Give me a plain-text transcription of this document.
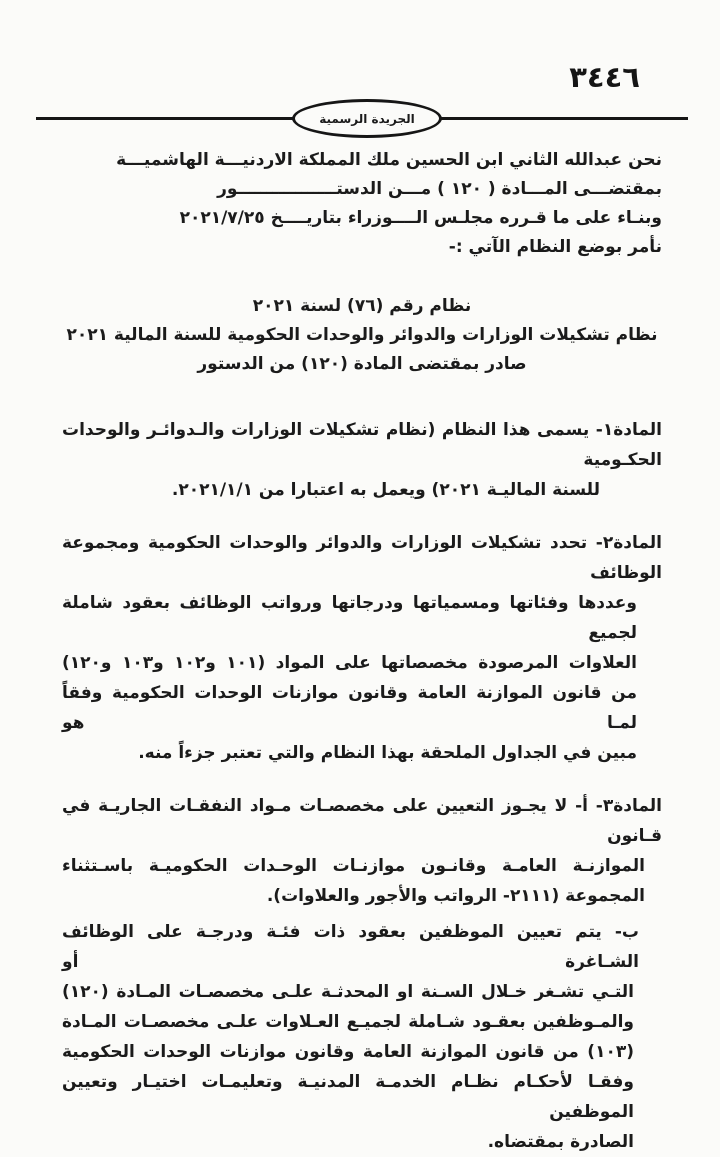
٣٤٤٦
الجريدة الرسمية
نحن عبدالله الثاني ابن الحسين ملك المملكة الاردنيـــة الهاشميـــة
بمقتضـــى المـــادة ( ١٢٠ ) مـــن الدستـــــــــــــــــور
وبنـاء على ما قـرره مجلـس الــــوزراء بتاريــــخ ٢٠٢١/٧/٢٥
نأمر بوضع النظام الآتي :-
نظام رقم (٧٦) لسنة ٢٠٢١
نظام تشكيلات الوزارات والدوائر والوحدات الحكومية للسنة المالية ٢٠٢١
صادر بمقتضى المادة (١٢٠) من الدستور
المادة١- يسمى هذا النظام (نظام تشكيلات الوزارات والـدوائـر والوحدات الحكـومية
للسنة الماليـة ٢٠٢١) ويعمل به اعتبارا من ٢٠٢١/١/١.
المادة٢- تحدد تشكيلات الوزارات والدوائر والوحدات الحكومية ومجموعة الوظائف
وعددها وفئاتها ومسمياتها ودرجاتها ورواتب الوظائف بعقود شاملة لجميع
العلاوات المرصودة مخصصاتها على المواد (١٠١ و١٠٢ و١٠٣ و١٢٠)
من قانون الموازنة العامة وقانون موازنات الوحدات الحكومية وفقاً لمـا هو
مبين في الجداول الملحقة بهذا النظام والتي تعتبر جزءاً منه.
المادة٣- أ- لا يجـوز التعيين على مخصصـات مـواد النفقـات الجاريـة في قـانون
الموازنـة العامـة وقانـون موازنـات الوحـدات الحكوميـة باسـتثناء
المجموعة (٢١١١- الرواتب والأجور والعلاوات).
ب- يتم تعيين الموظفين بعقود ذات فئـة ودرجـة على الوظائف الشـاغرة أو
التـي تشـغر خـلال السـنة او المحدثـة علـى مخصصـات المـادة (١٢٠)
والمـوظفين بعقـود شـاملة لجميـع العـلاوات علـى مخصصـات المـادة
(١٠٣) من قانون الموازنة العامة وقانون موازنات الوحدات الحكومية
وفقـا لأحكـام نظـام الخدمـة المدنيـة وتعليمـات اختيـار وتعيين الموظفين
الصادرة بمقتضاه.
